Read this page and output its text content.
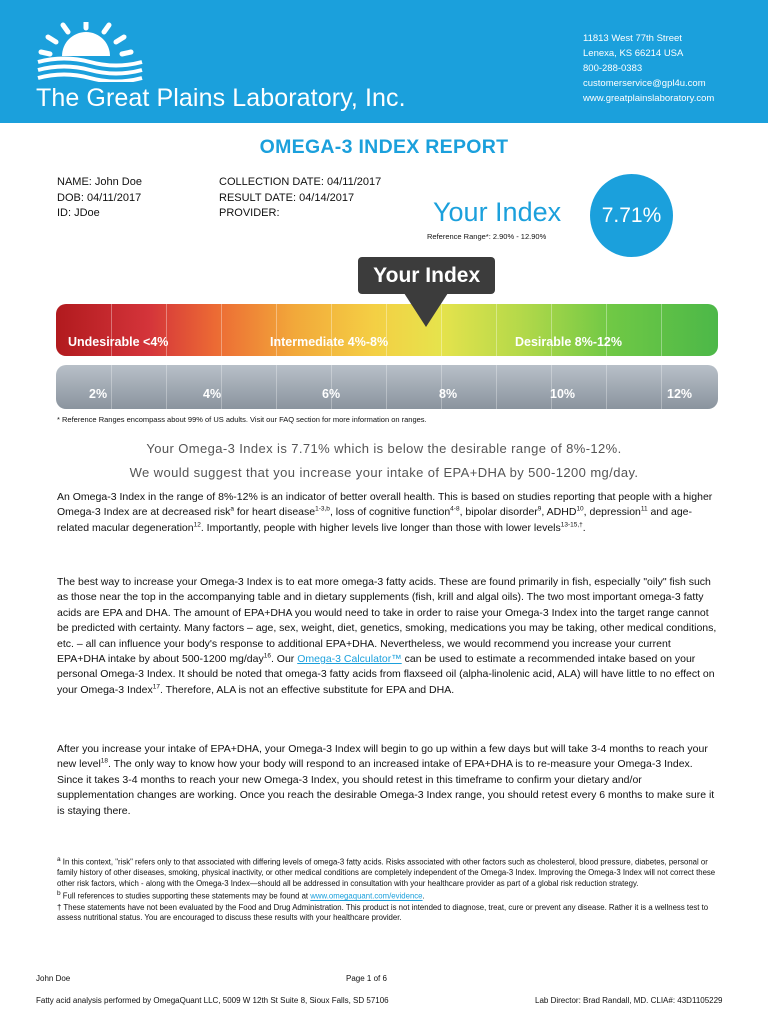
The Great Plains Laboratory, Inc.
11813 West 77th Street
Lenexa, KS 66214 USA
800-288-0383
customerservice@gpl4u.com
www.greatplainslaboratory.com
OMEGA-3 INDEX REPORT
NAME: John Doe
DOB: 04/11/2017
ID: JDoe
COLLECTION DATE: 04/11/2017
RESULT DATE: 04/14/2017
PROVIDER:	Your Index	7.71%
Reference Range*: 2.90% - 12.90%
Undesirable <4%	Intermediate 4%-8%	Desirable 8%-12%
Your Index
2%	4%	6%	8%	10%	12%
* Reference Ranges encompass about 99% of US adults. Visit our FAQ section for more information on ranges.
Your Omega-3 Index is 7.71% which is below the desirable range of 8%-12%.
We would suggest that you increase your intake of EPA+DHA by 500-1200 mg/day.
An Omega-3 Index in the range of 8%-12% is an indicator of better overall health. This is based on studies reporting that people with a higher Omega-3 Index are at decreased risk$^a$ for heart disease$^{1-3,b}$, loss of cognitive function$^{4-8}$, bipolar disorder$^9$, ADHD$^{10}$, depression$^{11}$ and age-related macular degeneration$^{12}$. Importantly, people with higher levels live longer than those with lower levels$^{13-15,\dagger}$.
The best way to increase your Omega-3 Index is to eat more omega-3 fatty acids. These are found primarily in fish, especially "oily" fish such as those near the top in the accompanying table and in dietary supplements (fish, krill and algal oils). The two most important omega-3 fatty acids are EPA and DHA. The amount of EPA+DHA you would need to take in order to raise your Omega-3 Index into the target range cannot be predicted with certainty. Many factors – age, sex, weight, diet, genetics, smoking, medications you may be taking, other medical conditions, etc. – all can influence your body's response to additional EPA+DHA. Nevertheless, we would recommend you increase your current EPA+DHA intake by about 500-1200 mg/day$^{16}$. Our Omega-3 Calculator™ can be used to estimate a recommended intake based on your personal Omega-3 Index. It should be noted that omega-3 fatty acids from flaxseed oil (alpha-linolenic acid, ALA) will have little to no effect on your Omega-3 Index$^{17}$. Therefore, ALA is not an effective substitute for EPA and DHA.
After you increase your intake of EPA+DHA, your Omega-3 Index will begin to go up within a few days but will take 3-4 months to reach your new level$^{18}$. The only way to know how your body will respond to an increased intake of EPA+DHA is to re-measure your Omega-3 Index. Since it takes 3-4 months to reach your new Omega-3 Index, you should retest in this timeframe to confirm your dietary and/or supplementation changes are working. Once you reach the desirable Omega-3 Index range, you should retest every 6 months to make sure it is staying there.
$^a$ In this context, "risk" refers only to that associated with differing levels of omega-3 fatty acids. Risks associated with other factors such as cholesterol, blood pressure, diabetes, personal or family history of other diseases, smoking, physical inactivity, or other medical conditions are completely independent of the Omega-3 Index. Improving the Omega-3 Index will not correct these other risk factors, which - along with the Omega-3 Index—should all be addressed in consultation with your healthcare provider as part of a global risk reduction strategy.
$^b$ Full references to studies supporting these statements may be found at www.omegaquant.com/evidence.
† These statements have not been evaluated by the Food and Drug Administration. This product is not intended to diagnose, treat, cure or prevent any disease. Rather it is a wellness test to assess nutritional status. You are encouraged to discuss these results with your healthcare provider.
John Doe	Page 1 of 6
Fatty acid analysis performed by OmegaQuant LLC, 5009 W 12th St Suite 8, Sioux Falls, SD 57106	Lab Director: Brad Randall, MD. CLIA#: 43D1105229
